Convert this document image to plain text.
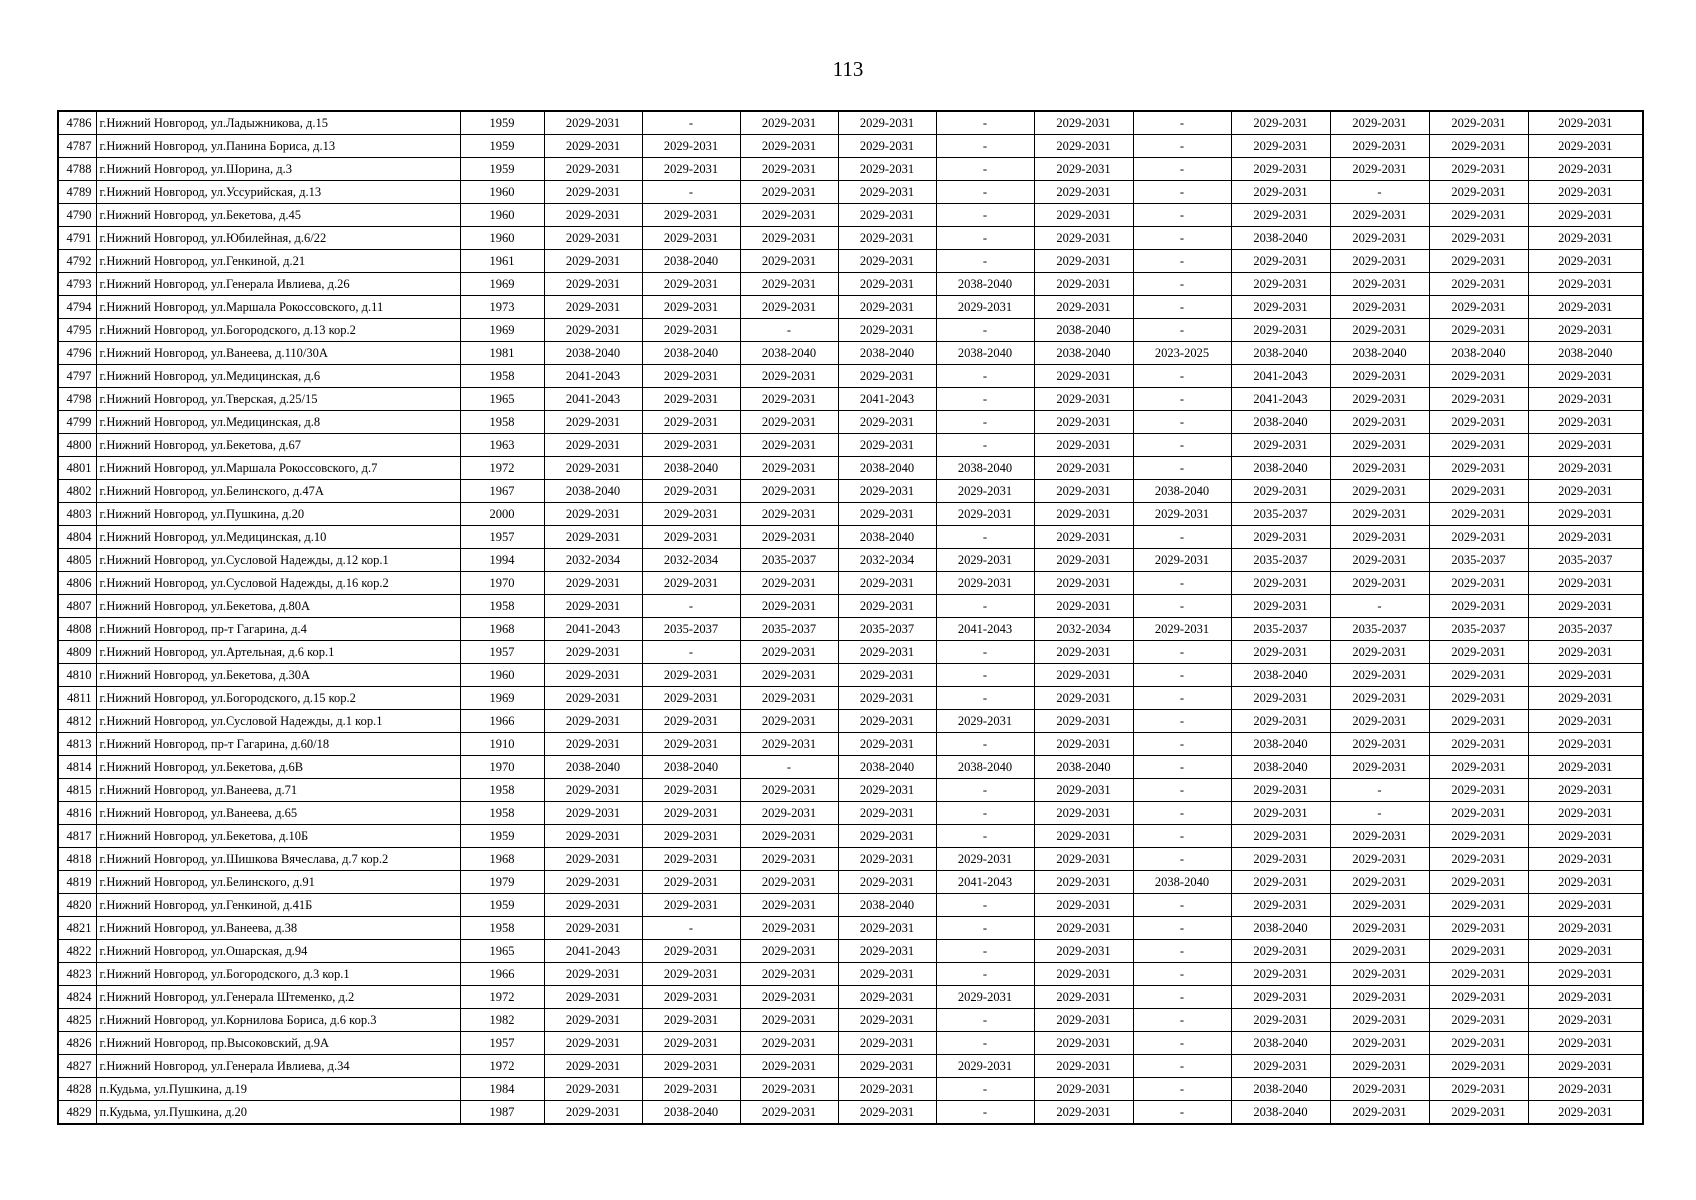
113
4786	г.Нижний Новгород, ул.Ладыжникова, д.15	1959	2029-2031	-	2029-2031	2029-2031	-	2029-2031	-	2029-2031	2029-2031	2029-2031	2029-2031
4787	г.Нижний Новгород, ул.Панина Бориса, д.13	1959	2029-2031	2029-2031	2029-2031	2029-2031	-	2029-2031	-	2029-2031	2029-2031	2029-2031	2029-2031
4788	г.Нижний Новгород, ул.Шорина, д.3	1959	2029-2031	2029-2031	2029-2031	2029-2031	-	2029-2031	-	2029-2031	2029-2031	2029-2031	2029-2031
4789	г.Нижний Новгород, ул.Уссурийская, д.13	1960	2029-2031	-	2029-2031	2029-2031	-	2029-2031	-	2029-2031	-	2029-2031	2029-2031
4790	г.Нижний Новгород, ул.Бекетова, д.45	1960	2029-2031	2029-2031	2029-2031	2029-2031	-	2029-2031	-	2029-2031	2029-2031	2029-2031	2029-2031
4791	г.Нижний Новгород, ул.Юбилейная, д.6/22	1960	2029-2031	2029-2031	2029-2031	2029-2031	-	2029-2031	-	2038-2040	2029-2031	2029-2031	2029-2031
4792	г.Нижний Новгород, ул.Генкиной, д.21	1961	2029-2031	2038-2040	2029-2031	2029-2031	-	2029-2031	-	2029-2031	2029-2031	2029-2031	2029-2031
4793	г.Нижний Новгород, ул.Генерала Ивлиева, д.26	1969	2029-2031	2029-2031	2029-2031	2029-2031	2038-2040	2029-2031	-	2029-2031	2029-2031	2029-2031	2029-2031
4794	г.Нижний Новгород, ул.Маршала Рокоссовского, д.11	1973	2029-2031	2029-2031	2029-2031	2029-2031	2029-2031	2029-2031	-	2029-2031	2029-2031	2029-2031	2029-2031
4795	г.Нижний Новгород, ул.Богородского, д.13 кор.2	1969	2029-2031	2029-2031	-	2029-2031	-	2038-2040	-	2029-2031	2029-2031	2029-2031	2029-2031
4796	г.Нижний Новгород, ул.Ванеева, д.110/30А	1981	2038-2040	2038-2040	2038-2040	2038-2040	2038-2040	2038-2040	2023-2025	2038-2040	2038-2040	2038-2040	2038-2040
4797	г.Нижний Новгород, ул.Медицинская, д.6	1958	2041-2043	2029-2031	2029-2031	2029-2031	-	2029-2031	-	2041-2043	2029-2031	2029-2031	2029-2031
4798	г.Нижний Новгород, ул.Тверская, д.25/15	1965	2041-2043	2029-2031	2029-2031	2041-2043	-	2029-2031	-	2041-2043	2029-2031	2029-2031	2029-2031
4799	г.Нижний Новгород, ул.Медицинская, д.8	1958	2029-2031	2029-2031	2029-2031	2029-2031	-	2029-2031	-	2038-2040	2029-2031	2029-2031	2029-2031
4800	г.Нижний Новгород, ул.Бекетова, д.67	1963	2029-2031	2029-2031	2029-2031	2029-2031	-	2029-2031	-	2029-2031	2029-2031	2029-2031	2029-2031
4801	г.Нижний Новгород, ул.Маршала Рокоссовского, д.7	1972	2029-2031	2038-2040	2029-2031	2038-2040	2038-2040	2029-2031	-	2038-2040	2029-2031	2029-2031	2029-2031
4802	г.Нижний Новгород, ул.Белинского, д.47А	1967	2038-2040	2029-2031	2029-2031	2029-2031	2029-2031	2029-2031	2038-2040	2029-2031	2029-2031	2029-2031	2029-2031
4803	г.Нижний Новгород, ул.Пушкина, д.20	2000	2029-2031	2029-2031	2029-2031	2029-2031	2029-2031	2029-2031	2029-2031	2035-2037	2029-2031	2029-2031	2029-2031
4804	г.Нижний Новгород, ул.Медицинская, д.10	1957	2029-2031	2029-2031	2029-2031	2038-2040	-	2029-2031	-	2029-2031	2029-2031	2029-2031	2029-2031
4805	г.Нижний Новгород, ул.Сусловой Надежды, д.12 кор.1	1994	2032-2034	2032-2034	2035-2037	2032-2034	2029-2031	2029-2031	2029-2031	2035-2037	2029-2031	2035-2037	2035-2037
4806	г.Нижний Новгород, ул.Сусловой Надежды, д.16 кор.2	1970	2029-2031	2029-2031	2029-2031	2029-2031	2029-2031	2029-2031	-	2029-2031	2029-2031	2029-2031	2029-2031
4807	г.Нижний Новгород, ул.Бекетова, д.80А	1958	2029-2031	-	2029-2031	2029-2031	-	2029-2031	-	2029-2031	-	2029-2031	2029-2031
4808	г.Нижний Новгород, пр-т Гагарина, д.4	1968	2041-2043	2035-2037	2035-2037	2035-2037	2041-2043	2032-2034	2029-2031	2035-2037	2035-2037	2035-2037	2035-2037
4809	г.Нижний Новгород, ул.Артельная, д.6 кор.1	1957	2029-2031	-	2029-2031	2029-2031	-	2029-2031	-	2029-2031	2029-2031	2029-2031	2029-2031
4810	г.Нижний Новгород, ул.Бекетова, д.30А	1960	2029-2031	2029-2031	2029-2031	2029-2031	-	2029-2031	-	2038-2040	2029-2031	2029-2031	2029-2031
4811	г.Нижний Новгород, ул.Богородского, д.15 кор.2	1969	2029-2031	2029-2031	2029-2031	2029-2031	-	2029-2031	-	2029-2031	2029-2031	2029-2031	2029-2031
4812	г.Нижний Новгород, ул.Сусловой Надежды, д.1 кор.1	1966	2029-2031	2029-2031	2029-2031	2029-2031	2029-2031	2029-2031	-	2029-2031	2029-2031	2029-2031	2029-2031
4813	г.Нижний Новгород, пр-т Гагарина, д.60/18	1910	2029-2031	2029-2031	2029-2031	2029-2031	-	2029-2031	-	2038-2040	2029-2031	2029-2031	2029-2031
4814	г.Нижний Новгород, ул.Бекетова, д.6В	1970	2038-2040	2038-2040	-	2038-2040	2038-2040	2038-2040	-	2038-2040	2029-2031	2029-2031	2029-2031
4815	г.Нижний Новгород, ул.Ванеева, д.71	1958	2029-2031	2029-2031	2029-2031	2029-2031	-	2029-2031	-	2029-2031	-	2029-2031	2029-2031
4816	г.Нижний Новгород, ул.Ванеева, д.65	1958	2029-2031	2029-2031	2029-2031	2029-2031	-	2029-2031	-	2029-2031	-	2029-2031	2029-2031
4817	г.Нижний Новгород, ул.Бекетова, д.10Б	1959	2029-2031	2029-2031	2029-2031	2029-2031	-	2029-2031	-	2029-2031	2029-2031	2029-2031	2029-2031
4818	г.Нижний Новгород, ул.Шишкова Вячеслава, д.7 кор.2	1968	2029-2031	2029-2031	2029-2031	2029-2031	2029-2031	2029-2031	-	2029-2031	2029-2031	2029-2031	2029-2031
4819	г.Нижний Новгород, ул.Белинского, д.91	1979	2029-2031	2029-2031	2029-2031	2029-2031	2041-2043	2029-2031	2038-2040	2029-2031	2029-2031	2029-2031	2029-2031
4820	г.Нижний Новгород, ул.Генкиной, д.41Б	1959	2029-2031	2029-2031	2029-2031	2038-2040	-	2029-2031	-	2029-2031	2029-2031	2029-2031	2029-2031
4821	г.Нижний Новгород, ул.Ванеева, д.38	1958	2029-2031	-	2029-2031	2029-2031	-	2029-2031	-	2038-2040	2029-2031	2029-2031	2029-2031
4822	г.Нижний Новгород, ул.Ошарская, д.94	1965	2041-2043	2029-2031	2029-2031	2029-2031	-	2029-2031	-	2029-2031	2029-2031	2029-2031	2029-2031
4823	г.Нижний Новгород, ул.Богородского, д.3 кор.1	1966	2029-2031	2029-2031	2029-2031	2029-2031	-	2029-2031	-	2029-2031	2029-2031	2029-2031	2029-2031
4824	г.Нижний Новгород, ул.Генерала Штеменко, д.2	1972	2029-2031	2029-2031	2029-2031	2029-2031	2029-2031	2029-2031	-	2029-2031	2029-2031	2029-2031	2029-2031
4825	г.Нижний Новгород, ул.Корнилова Бориса, д.6 кор.3	1982	2029-2031	2029-2031	2029-2031	2029-2031	-	2029-2031	-	2029-2031	2029-2031	2029-2031	2029-2031
4826	г.Нижний Новгород, пр.Высоковский, д.9А	1957	2029-2031	2029-2031	2029-2031	2029-2031	-	2029-2031	-	2038-2040	2029-2031	2029-2031	2029-2031
4827	г.Нижний Новгород, ул.Генерала Ивлиева, д.34	1972	2029-2031	2029-2031	2029-2031	2029-2031	2029-2031	2029-2031	-	2029-2031	2029-2031	2029-2031	2029-2031
4828	п.Кудьма, ул.Пушкина, д.19	1984	2029-2031	2029-2031	2029-2031	2029-2031	-	2029-2031	-	2038-2040	2029-2031	2029-2031	2029-2031
4829	п.Кудьма, ул.Пушкина, д.20	1987	2029-2031	2038-2040	2029-2031	2029-2031	-	2029-2031	-	2038-2040	2029-2031	2029-2031	2029-2031
